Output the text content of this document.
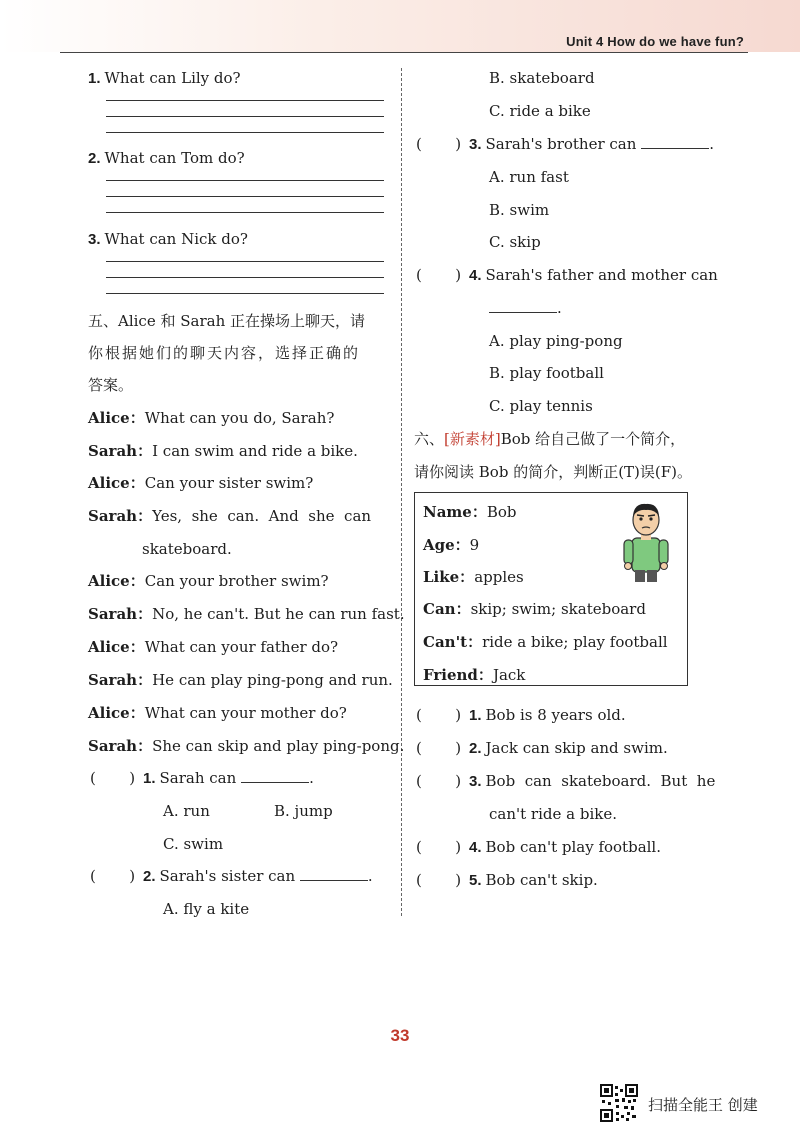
Unit 4 How do we have fun?
1. What can Lily do?
2. What can Tom do?
3. What can Nick do?
五、Alice 和 Sarah 正在操场上聊天，请
你根据她们的聊天内容，选择正确的
答案。
Alice：What can you do, Sarah?
Sarah：I can swim and ride a bike.
Alice：Can your sister swim?
Sarah：Yes,  she  can.  And  she  can
skateboard.
Alice：Can your brother swim?
Sarah：No, he can't. But he can run fast.
Alice：What can your father do?
Sarah：He can play ping-pong and run.
Alice：What can your mother do?
Sarah：She can skip and play ping-pong.
(       ) 1. Sarah can	.
A. run	B. jump
C. swim
(       ) 2. Sarah's sister can	.
A. fly a kite
B. skateboard
C. ride a bike
(       ) 3. Sarah's brother can	.
A. run fast
B. swim
C. skip
(       ) 4. Sarah's father and mother can
.
A. play ping-pong
B. play football
C. play tennis
六、[新素材]Bob 给自己做了一个简介，
请你阅读 Bob 的简介，判断正(T)误(F)。
Name：Bob
Age：9
Like：apples
Can：skip; swim; skateboard
Can't：ride a bike; play football
Friend：Jack
(       ) 1. Bob is 8 years old.
(       ) 2. Jack can skip and swim.
(       ) 3. Bob  can  skateboard.  But  he
can't ride a bike.
(       ) 4. Bob can't play football.
(       ) 5. Bob can't skip.
33
扫描全能王 创建
